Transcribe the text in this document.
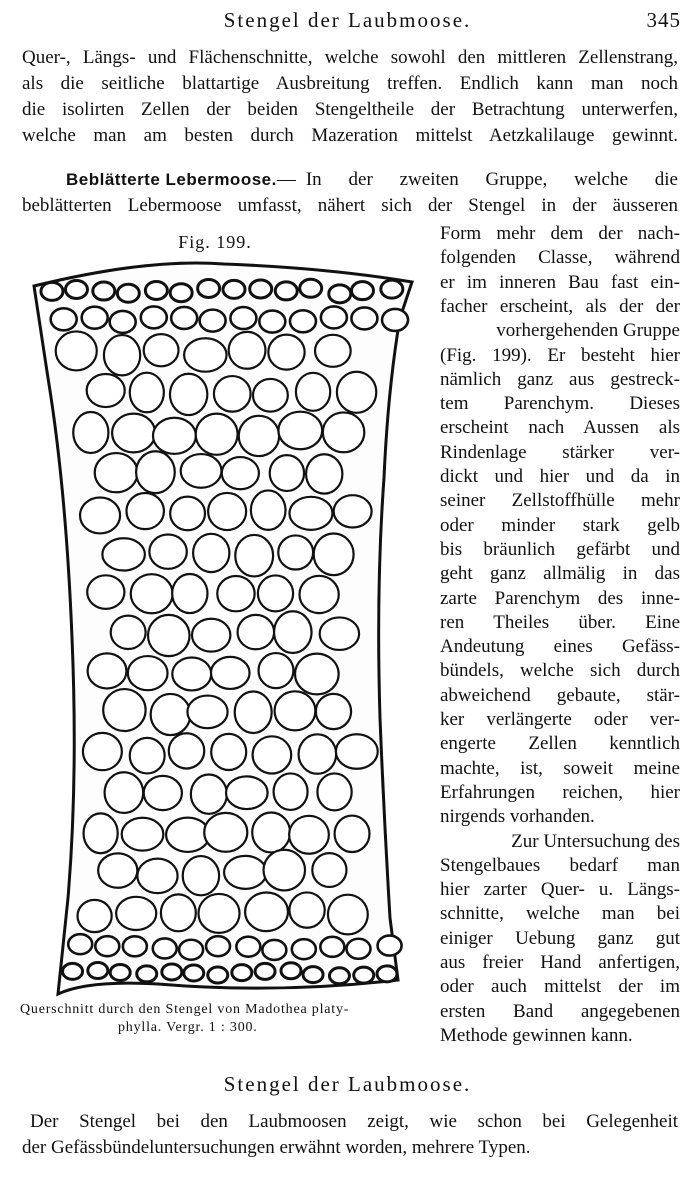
Stengel der Laubmoose.	345
Quer-, Längs- und Flächenschnitte, welche sowohl den mittleren Zellenstrang,
als die seitliche blattartige Ausbreitung treffen. Endlich kann man noch
die isolirten Zellen der beiden Stengeltheile der Betrachtung unterwerfen,
welche man am besten durch Mazeration mittelst Aetzkalilauge gewinnt.
Beblätterte Lebermoose. — In der zweiten Gruppe, welche die
beblätterten Lebermoose umfasst, nähert sich der Stengel in der äusseren
Fig. 199.
Querschnitt durch den Stengel von Madothea platy-
phylla. Vergr. 1 : 300.
Form mehr dem der nach-
folgenden Classe, während
er im inneren Bau fast ein-
facher erscheint, als der der
vorhergehenden Gruppe
(Fig. 199). Er besteht hier
nämlich ganz aus gestreck-
tem Parenchym. Dieses
erscheint nach Aussen als
Rindenlage stärker ver-
dickt und hier und da in
seiner Zellstoffhülle mehr
oder minder stark gelb
bis bräunlich gefärbt und
geht ganz allmälig in das
zarte Parenchym des inne-
ren Theiles über. Eine
Andeutung eines Gefäss-
bündels, welche sich durch
abweichend gebaute, stär-
ker verlängerte oder ver-
engerte Zellen kenntlich
machte, ist, soweit meine
Erfahrungen reichen, hier
nirgends vorhanden.
Zur Untersuchung des
Stengelbaues bedarf man
hier zarter Quer- u. Längs-
schnitte, welche man bei
einiger Uebung ganz gut
aus freier Hand anfertigen,
oder auch mittelst der im
ersten Band angegebenen
Methode gewinnen kann.
Stengel der Laubmoose.
Der Stengel bei den Laubmoosen zeigt, wie schon bei Gelegenheit
der Gefässbündeluntersuchungen erwähnt worden, mehrere Typen.
